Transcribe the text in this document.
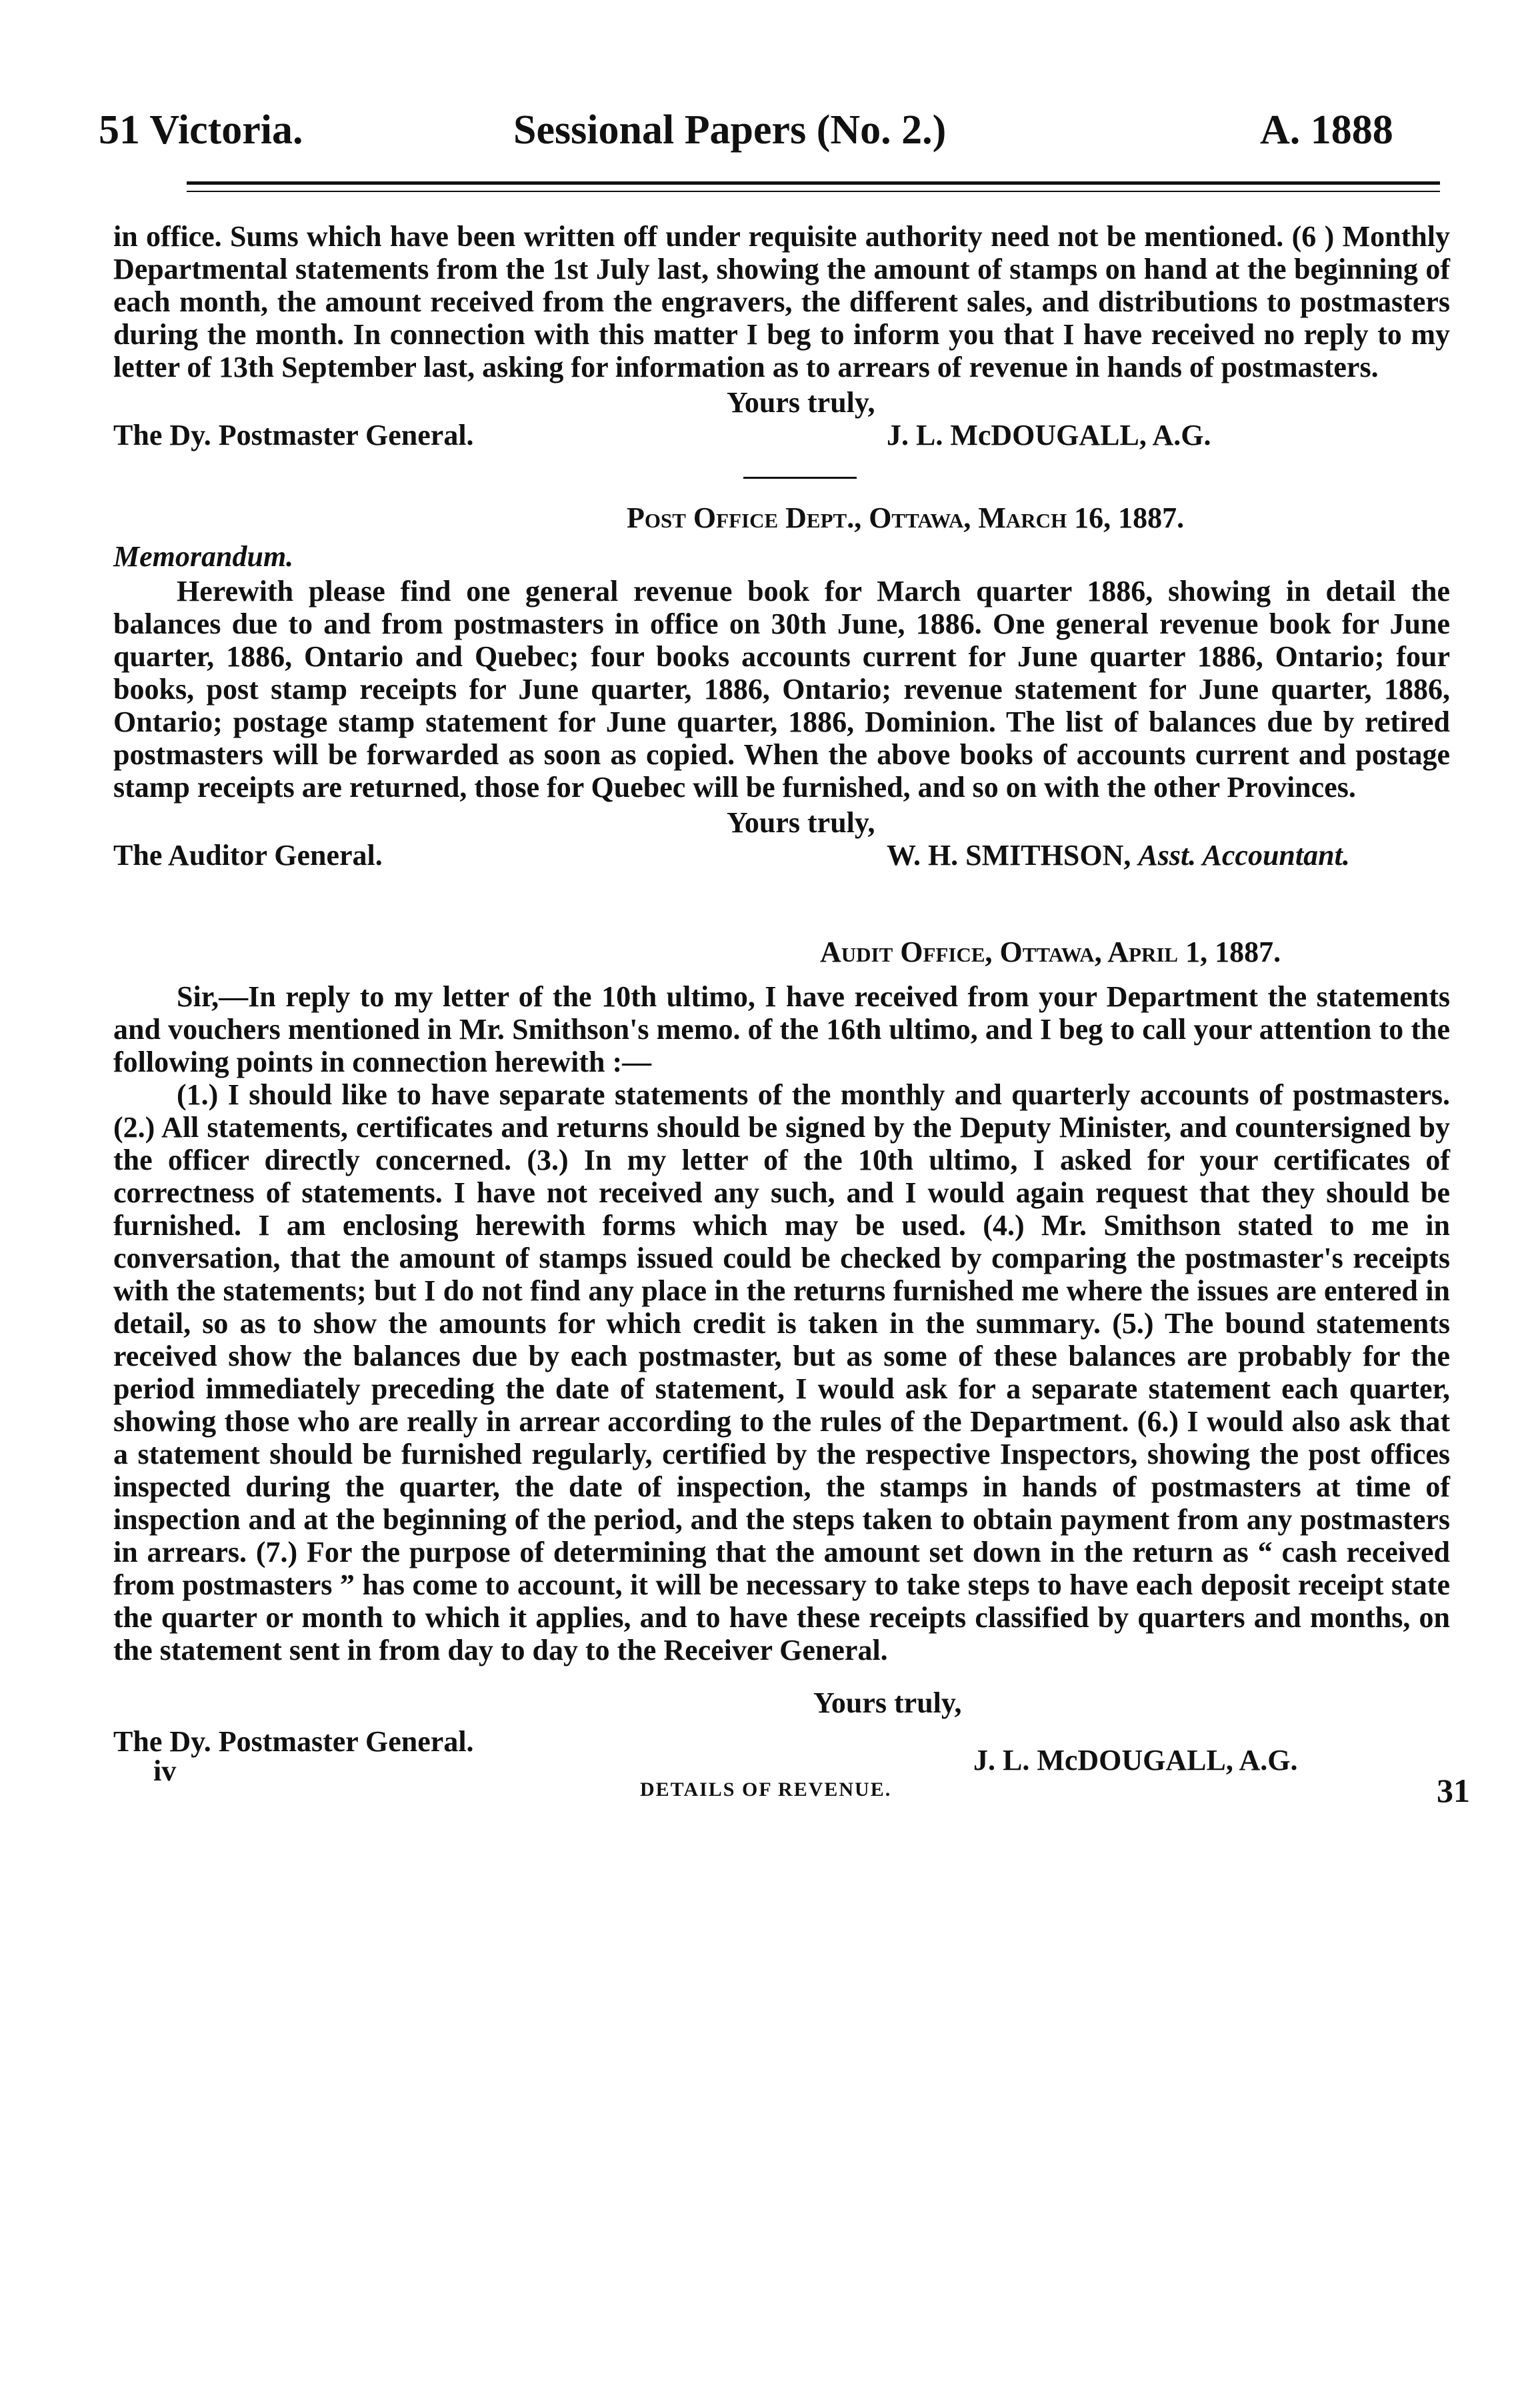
51 Victoria.	Sessional Papers (No. 2.)	A. 1888

in office. Sums which have been written off under requisite authority need not be mentioned. (6 ) Monthly Departmental statements from the 1st July last, showing the amount of stamps on hand at the beginning of each month, the amount received from the engravers, the different sales, and distributions to postmasters during the month. In connection with this matter I beg to inform you that I have received no reply to my letter of 13th September last, asking for information as to arrears of revenue in hands of postmasters.

Yours truly,
The Dy. Postmaster General.	J. L. McDOUGALL, A.G.
Post Office Dept., Ottawa, March 16, 1887.
Memorandum.

Herewith please find one general revenue book for March quarter 1886, showing in detail the balances due to and from postmasters in office on 30th June, 1886. One general revenue book for June quarter, 1886, Ontario and Quebec; four books accounts current for June quarter 1886, Ontario; four books, post stamp receipts for June quarter, 1886, Ontario; revenue statement for June quarter, 1886, Ontario; postage stamp statement for June quarter, 1886, Dominion. The list of balances due by retired postmasters will be forwarded as soon as copied. When the above books of accounts current and postage stamp receipts are returned, those for Quebec will be furnished, and so on with the other Provinces.

Yours truly,
The Auditor General.	W. H. SMITHSON, Asst. Accountant.
Audit Office, Ottawa, April 1, 1887.

Sir,—In reply to my letter of the 10th ultimo, I have received from your Department the statements and vouchers mentioned in Mr. Smithson's memo. of the 16th ultimo, and I beg to call your attention to the following points in connection herewith :—

(1.) I should like to have separate statements of the monthly and quarterly accounts of postmasters. (2.) All statements, certificates and returns should be signed by the Deputy Minister, and countersigned by the officer directly concerned. (3.) In my letter of the 10th ultimo, I asked for your certificates of correctness of statements. I have not received any such, and I would again request that they should be furnished. I am enclosing herewith forms which may be used. (4.) Mr. Smithson stated to me in conversation, that the amount of stamps issued could be checked by comparing the postmaster's receipts with the statements; but I do not find any place in the returns furnished me where the issues are entered in detail, so as to show the amounts for which credit is taken in the summary. (5.) The bound statements received show the balances due by each postmaster, but as some of these balances are probably for the period immediately preceding the date of statement, I would ask for a separate statement each quarter, showing those who are really in arrear according to the rules of the Department. (6.) I would also ask that a statement should be furnished regularly, certified by the respective Inspectors, showing the post offices inspected during the quarter, the date of inspection, the stamps in hands of postmasters at time of inspection and at the beginning of the period, and the steps taken to obtain payment from any postmasters in arrears. (7.) For the purpose of determining that the amount set down in the return as “ cash received from postmasters ” has come to account, it will be necessary to take steps to have each deposit receipt state the quarter or month to which it applies, and to have these receipts classified by quarters and months, on the statement sent in from day to day to the Receiver General.

Yours truly,
The Dy. Postmaster General.
J. L. McDOUGALL, A.G.
iv
DETAILS OF REVENUE.	31
